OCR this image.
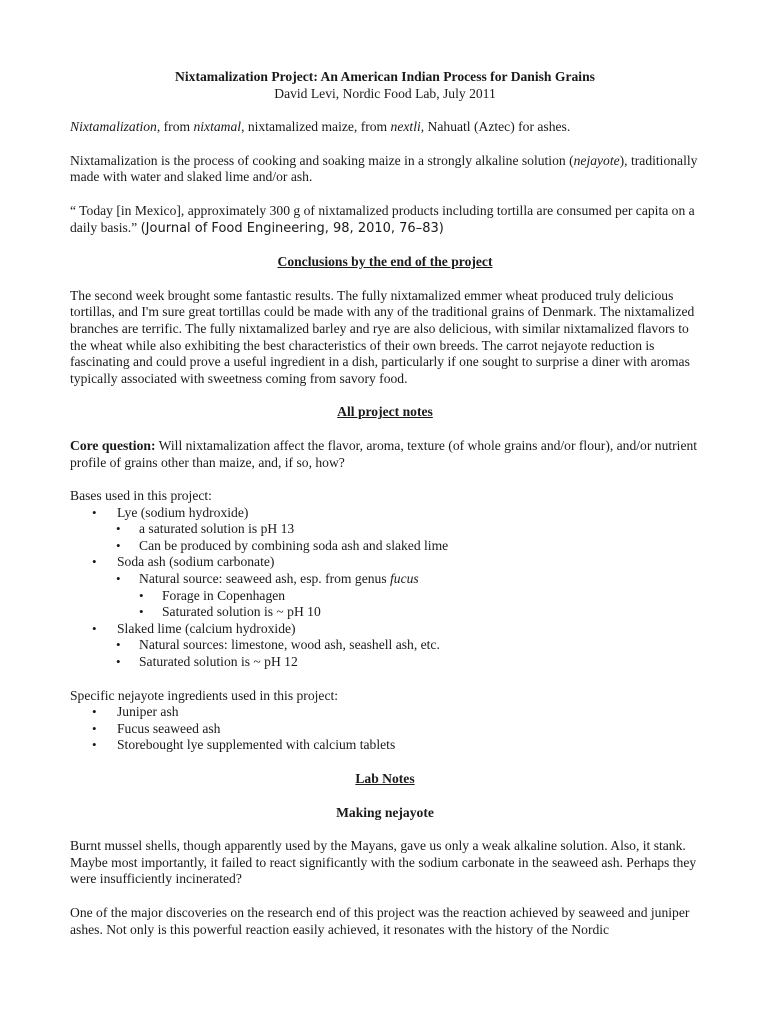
Nixtamalization Project: An American Indian Process for Danish Grains

David Levi, Nordic Food Lab, July 2011

Nixtamalization, from nixtamal, nixtamalized maize, from nextli, Nahuatl (Aztec) for ashes.

Nixtamalization is the process of cooking and soaking maize in a strongly alkaline solution (nejayote), traditionally made with water and slaked lime and/or ash.

“ Today [in Mexico], approximately 300 g of nixtamalized products including tortilla are consumed per capita on a daily basis.” (Journal of Food Engineering, 98, 2010, 76–83)

Conclusions by the end of the project

The second week brought some fantastic results. The fully nixtamalized emmer wheat produced truly delicious tortillas, and I'm sure great tortillas could be made with any of the traditional grains of Denmark. The nixtamalized branches are terrific. The fully nixtamalized barley and rye are also delicious, with similar nixtamalized flavors to the wheat while also exhibiting the best characteristics of their own breeds. The carrot nejayote reduction is fascinating and could prove a useful ingredient in a dish, particularly if one sought to surprise a diner with aromas typically associated with sweetness coming from savory food.

All project notes

Core question: Will nixtamalization affect the flavor, aroma, texture (of whole grains and/or flour), and/or nutrient profile of grains other than maize, and, if so, how?

Bases used in this project:

• Lye (sodium hydroxide)
• a saturated solution is pH 13
• Can be produced by combining soda ash and slaked lime
• Soda ash (sodium carbonate)
• Natural source: seaweed ash, esp. from genus fucus
• Forage in Copenhagen
• Saturated solution is ~ pH 10
• Slaked lime (calcium hydroxide)
• Natural sources: limestone, wood ash, seashell ash, etc.
• Saturated solution is ~ pH 12

Specific nejayote ingredients used in this project:

• Juniper ash
• Fucus seaweed ash
• Storebought lye supplemented with calcium tablets

Lab Notes

Making nejayote

Burnt mussel shells, though apparently used by the Mayans, gave us only a weak alkaline solution. Also, it stank. Maybe most importantly, it failed to react significantly with the sodium carbonate in the seaweed ash. Perhaps they were insufficiently incinerated?

One of the major discoveries on the research end of this project was the reaction achieved by seaweed and juniper ashes. Not only is this powerful reaction easily achieved, it resonates with the history of the Nordic
